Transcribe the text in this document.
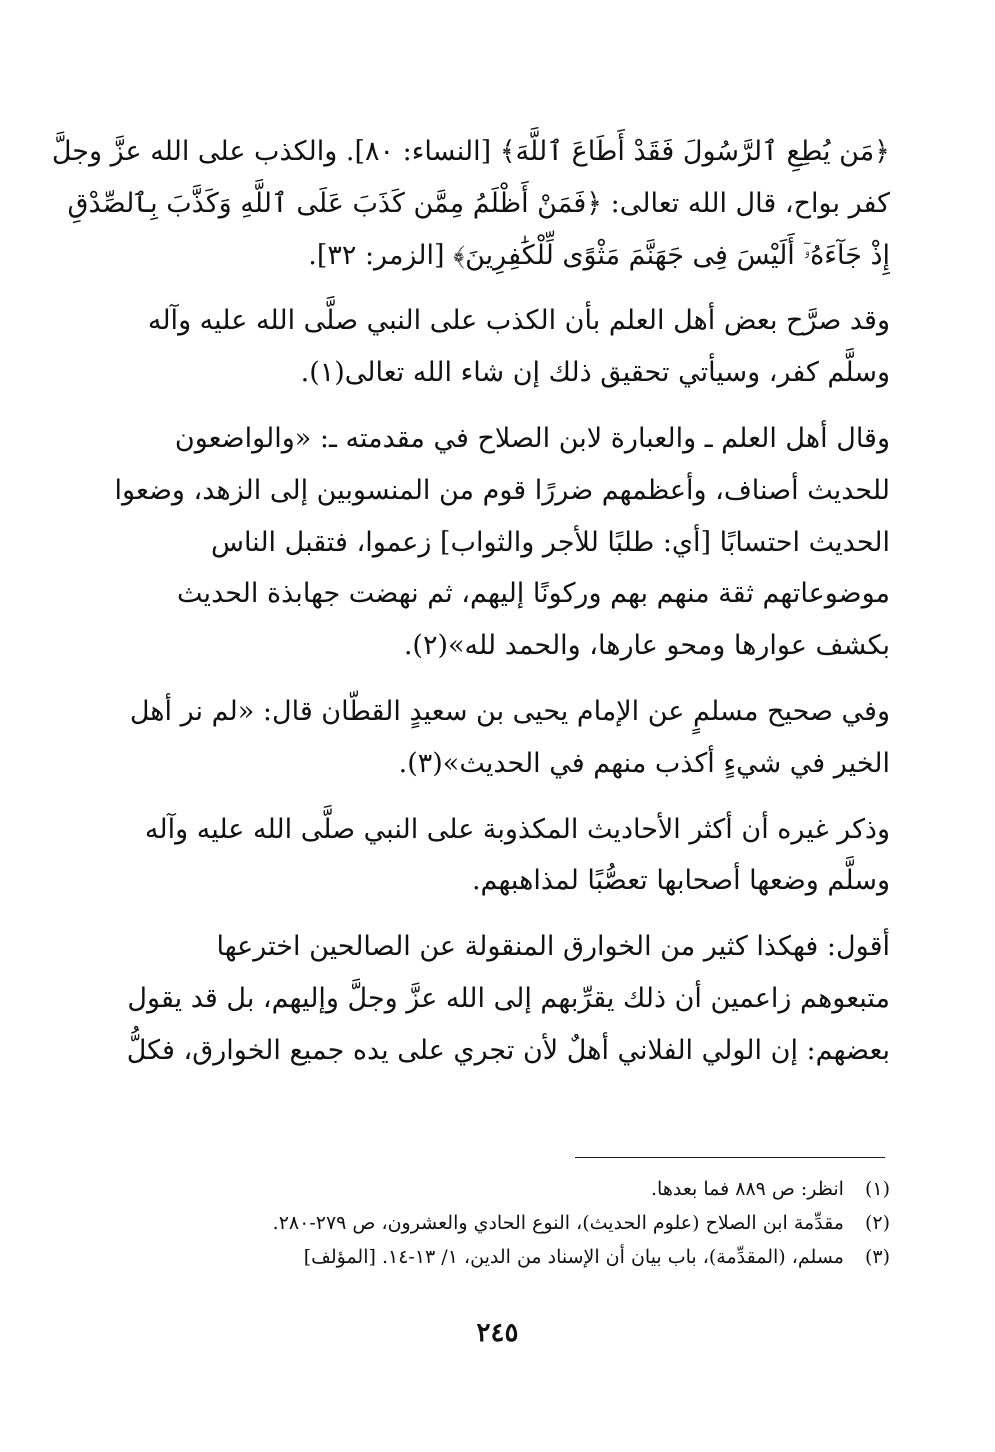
﴿مَن يُطِعِ ٱلرَّسُولَ فَقَدْ أَطَاعَ ٱللَّهَ﴾ [النساء: ٨٠]. والكذب على الله عزَّ وجلَّ
كفر بواح، قال الله تعالى: ﴿فَمَنْ أَظْلَمُ مِمَّن كَذَبَ عَلَى ٱللَّهِ وَكَذَّبَ بِٱلصِّدْقِ
إِذْ جَآءَهُۥٓ أَلَيْسَ فِى جَهَنَّمَ مَثْوًى لِّلْكَٰفِرِينَ﴾ [الزمر: ٣٢].
وقد صرَّح بعض أهل العلم بأن الكذب على النبي صلَّى الله عليه وآله
وسلَّم كفر، وسيأتي تحقيق ذلك إن شاء الله تعالى(١).
وقال أهل العلم ـ والعبارة لابن الصلاح في مقدمته ـ: «والواضعون
للحديث أصناف، وأعظمهم ضررًا قوم من المنسوبين إلى الزهد، وضعوا
الحديث احتسابًا [أي: طلبًا للأجر والثواب] زعموا، فتقبل الناس
موضوعاتهم ثقة منهم بهم وركونًا إليهم، ثم نهضت جهابذة الحديث
بكشف عوارها ومحو عارها، والحمد لله»(٢).
وفي صحيح مسلمٍ عن الإمام يحيى بن سعيدٍ القطّان قال: «لم نر أهل
الخير في شيءٍ أكذب منهم في الحديث»(٣).
وذكر غيره أن أكثر الأحاديث المكذوبة على النبي صلَّى الله عليه وآله
وسلَّم وضعها أصحابها تعصُّبًا لمذاهبهم.
أقول: فهكذا كثير من الخوارق المنقولة عن الصالحين اخترعها
متبعوهم زاعمين أن ذلك يقرِّبهم إلى الله عزَّ وجلَّ وإليهم، بل قد يقول
بعضهم: إن الولي الفلاني أهلٌ لأن تجري على يده جميع الخوارق، فكلُّ
(١) انظر: ص ٨٨٩ فما بعدها.
(٢) مقدِّمة ابن الصلاح (علوم الحديث)، النوع الحادي والعشرون، ص ٢٧٩-٢٨٠.
(٣) مسلم، (المقدِّمة)، باب بيان أن الإسناد من الدين، ١/ ١٣-١٤. [المؤلف]
٢٤٥
